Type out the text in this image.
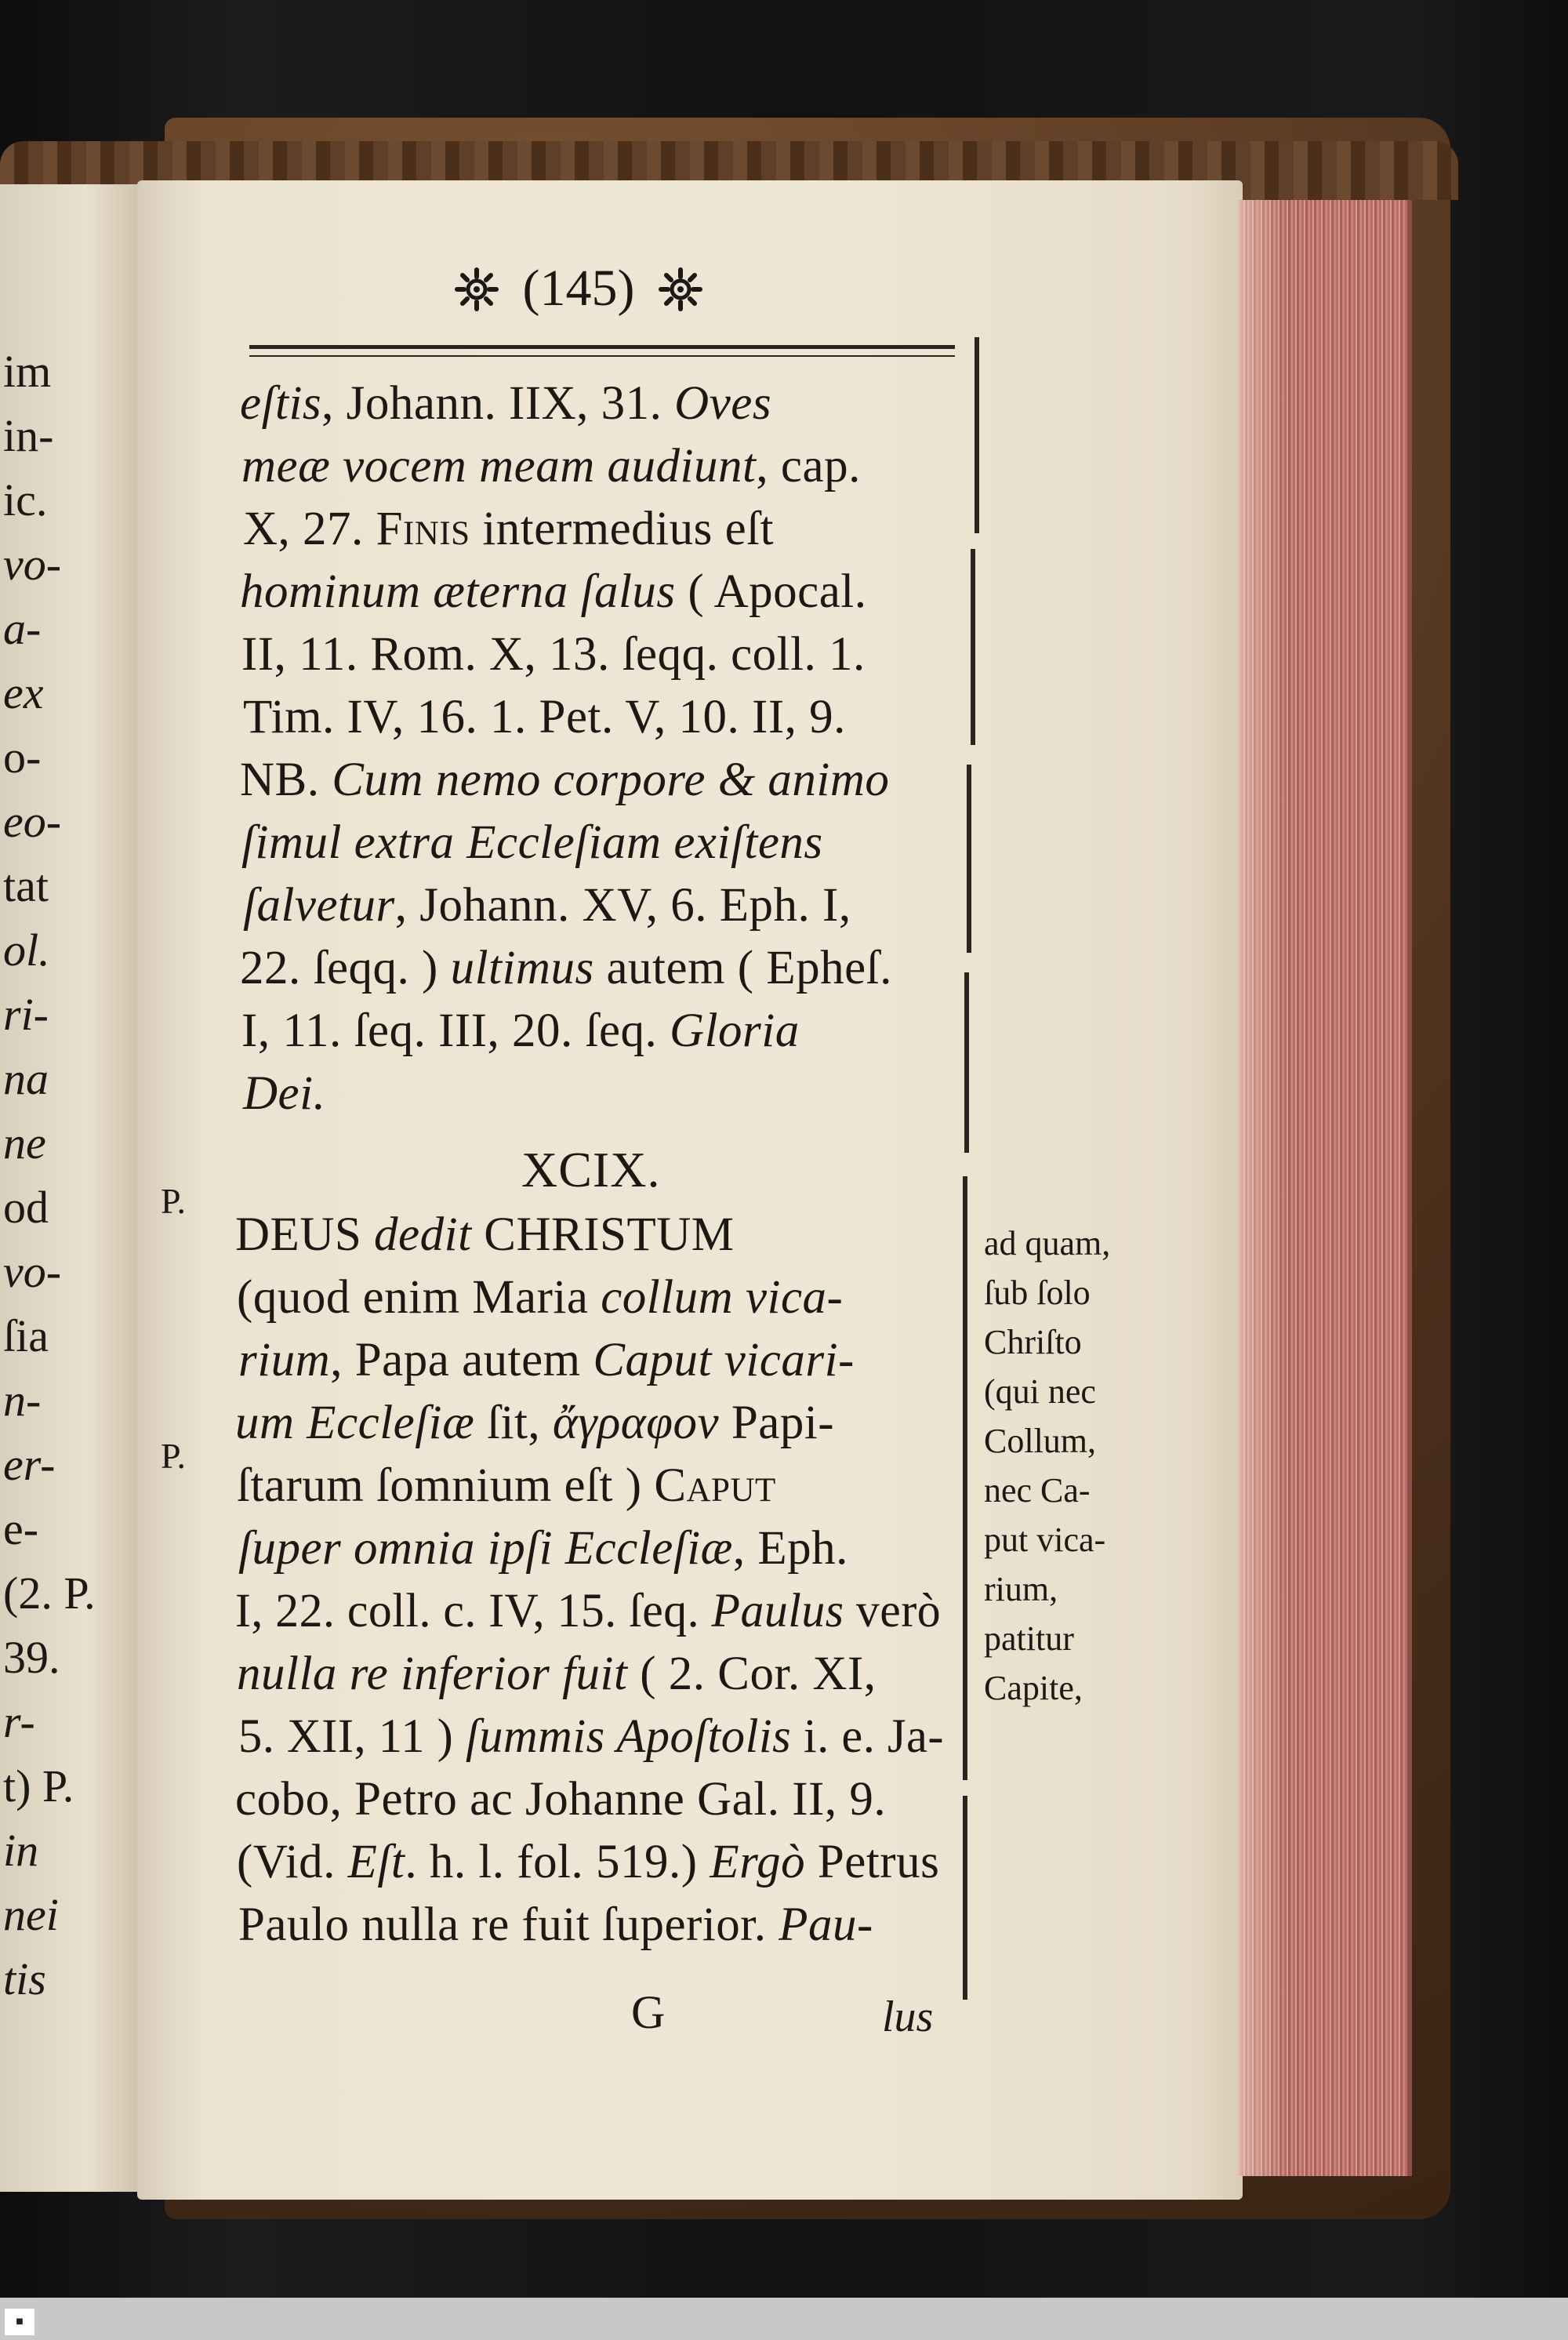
(145)
eſtis, Johann. IIX, 31. Oves
meæ vocem meam audiunt, cap.
X, 27. Finis intermedius eſt
hominum æterna ſalus ( Apocal.
II, 11. Rom. X, 13. ſeqq. coll. 1.
Tim. IV, 16. 1. Pet. V, 10. II, 9.
NB. Cum nemo corpore & animo
ſimul extra Eccleſiam exiſtens
ſalvetur, Johann. XV, 6. Eph. I,
22. ſeqq. ) ultimus autem ( Epheſ.
I, 11. ſeq. III, 20. ſeq. Gloria
Dei.
DEUS dedit CHRISTUM
(quod enim Maria collum vica-
rium, Papa autem Caput vicari-
um Eccleſiæ ſit, ἄγραφον Papi-
ſtarum ſomnium eſt ) Caput
ſuper omnia ipſi Eccleſiæ, Eph.
I, 22. coll. c. IV, 15. ſeq. Paulus verò
nulla re inferior fuit ( 2. Cor. XI,
5. XII, 11 ) ſummis Apoſtolis i. e. Ja-
cobo, Petro ac Johanne Gal. II, 9.
(Vid. Eſt. h. l. fol. 519.) Ergò Petrus
Paulo nulla re fuit ſuperior. Pau-
XCIX.
G	lus
P.
P.
ad quam,
ſub ſolo
Chriſto
(qui nec
Collum,
nec Ca-
put vica-
rium,
patitur
Capite,
im
in-
ic.
vo-
a-
ex
o-
eo-
tat
ol.
ri-
na
ne
od
vo-
ſia
n-
er-
e-
(2. P.
39.
r-
t) P.
in
nei
tis
■
